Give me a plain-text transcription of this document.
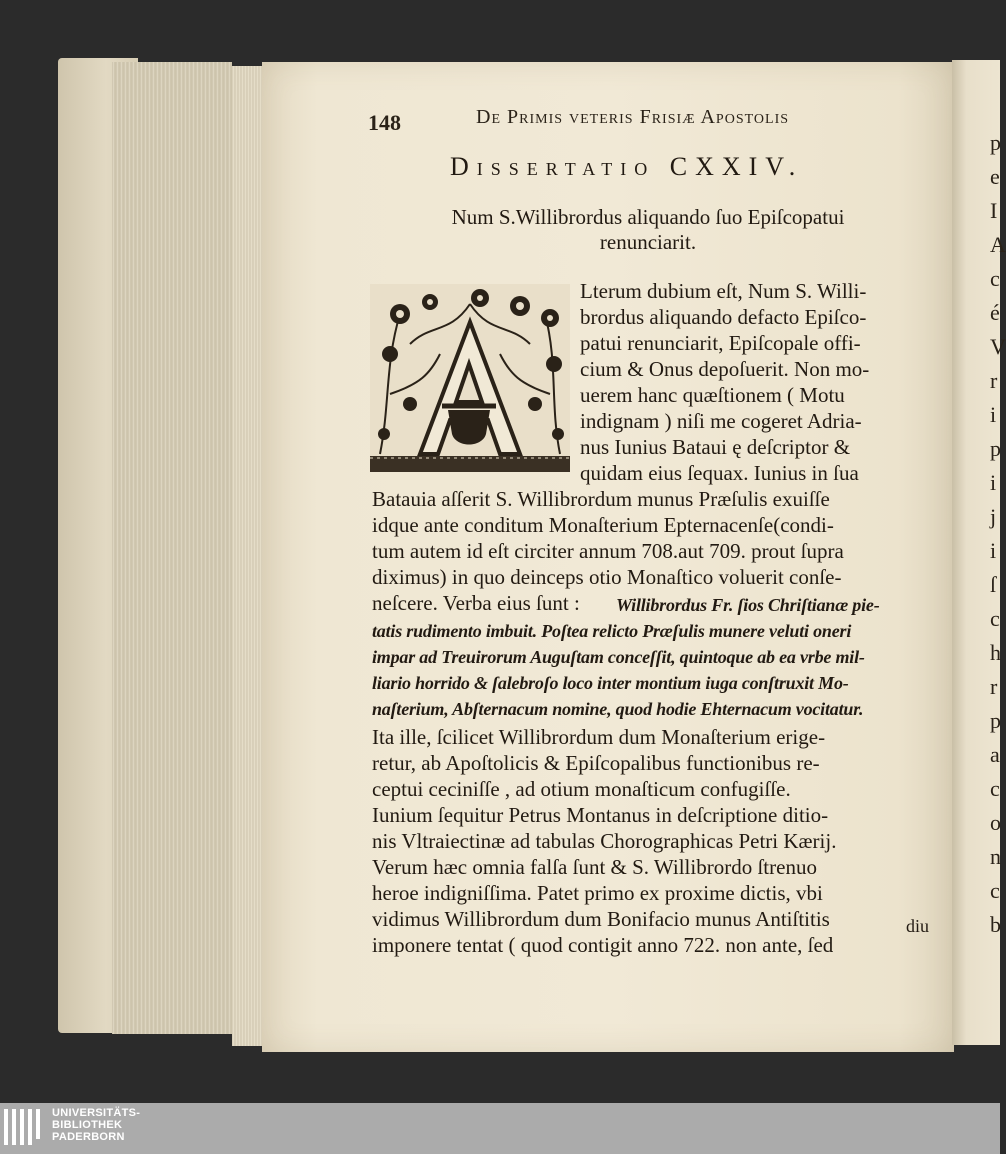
p
e
I
A
c
é
V
r
i
p
i
j
i
ſ
c
h
r
p
a
c
o
n
c
b
148	De Primis veteris Frisiæ Apostolis
Dissertatio CXXIV.
Num S.Willibrordus aliquando ſuo Epiſcopatui
renunciarit.
Lterum dubium eſt, Num S. Willi-
brordus aliquando defacto Epiſco-
patui renunciarit, Epiſcopale offi-
cium & Onus depoſuerit. Non mo-
uerem hanc quæſtionem ( Motu
indignam ) niſi me cogeret Adria-
nus Iunius Bataui ę deſcriptor &
quidam eius ſequax. Iunius in ſua
Batauia aſſerit S. Willibrordum munus Præſulis exuiſſe
idque ante conditum Monaſterium Epternacenſe(condi-
tum autem id eſt circiter annum 708.aut 709. prout ſupra
diximus) in quo deinceps otio Monaſtico voluerit conſe-
neſcere. Verba eius ſunt : Willibrordus Fr. ſios Chriſtianæ pie-
tatis rudimento imbuit. Poſtea relicto Præſulis munere veluti oneri
impar ad Treuirorum Auguſtam conceſſit, quintoque ab ea vrbe mil-
liario horrido & ſalebroſo loco inter montium iuga conſtruxit Mo-
naſterium, Abſternacum nomine, quod hodie Ehternacum vocitatur.
Ita ille, ſcilicet Willibrordum dum Monaſterium erige-
retur, ab Apoſtolicis & Epiſcopalibus functionibus re-
ceptui ceciniſſe , ad otium monaſticum confugiſſe.
Iunium ſequitur Petrus Montanus in deſcriptione ditio-
nis Vltraiectinæ ad tabulas Chorographicas Petri Kærij.
Verum hæc omnia falſa ſunt & S. Willibrordo ſtrenuo
heroe indigniſſima. Patet primo ex proxime dictis, vbi
vidimus Willibrordum dum Bonifacio munus Antiſtitis
imponere tentat ( quod contigit anno 722. non ante, ſed
diu
UNIVERSITÄTS-
BIBLIOTHEK
PADERBORN
